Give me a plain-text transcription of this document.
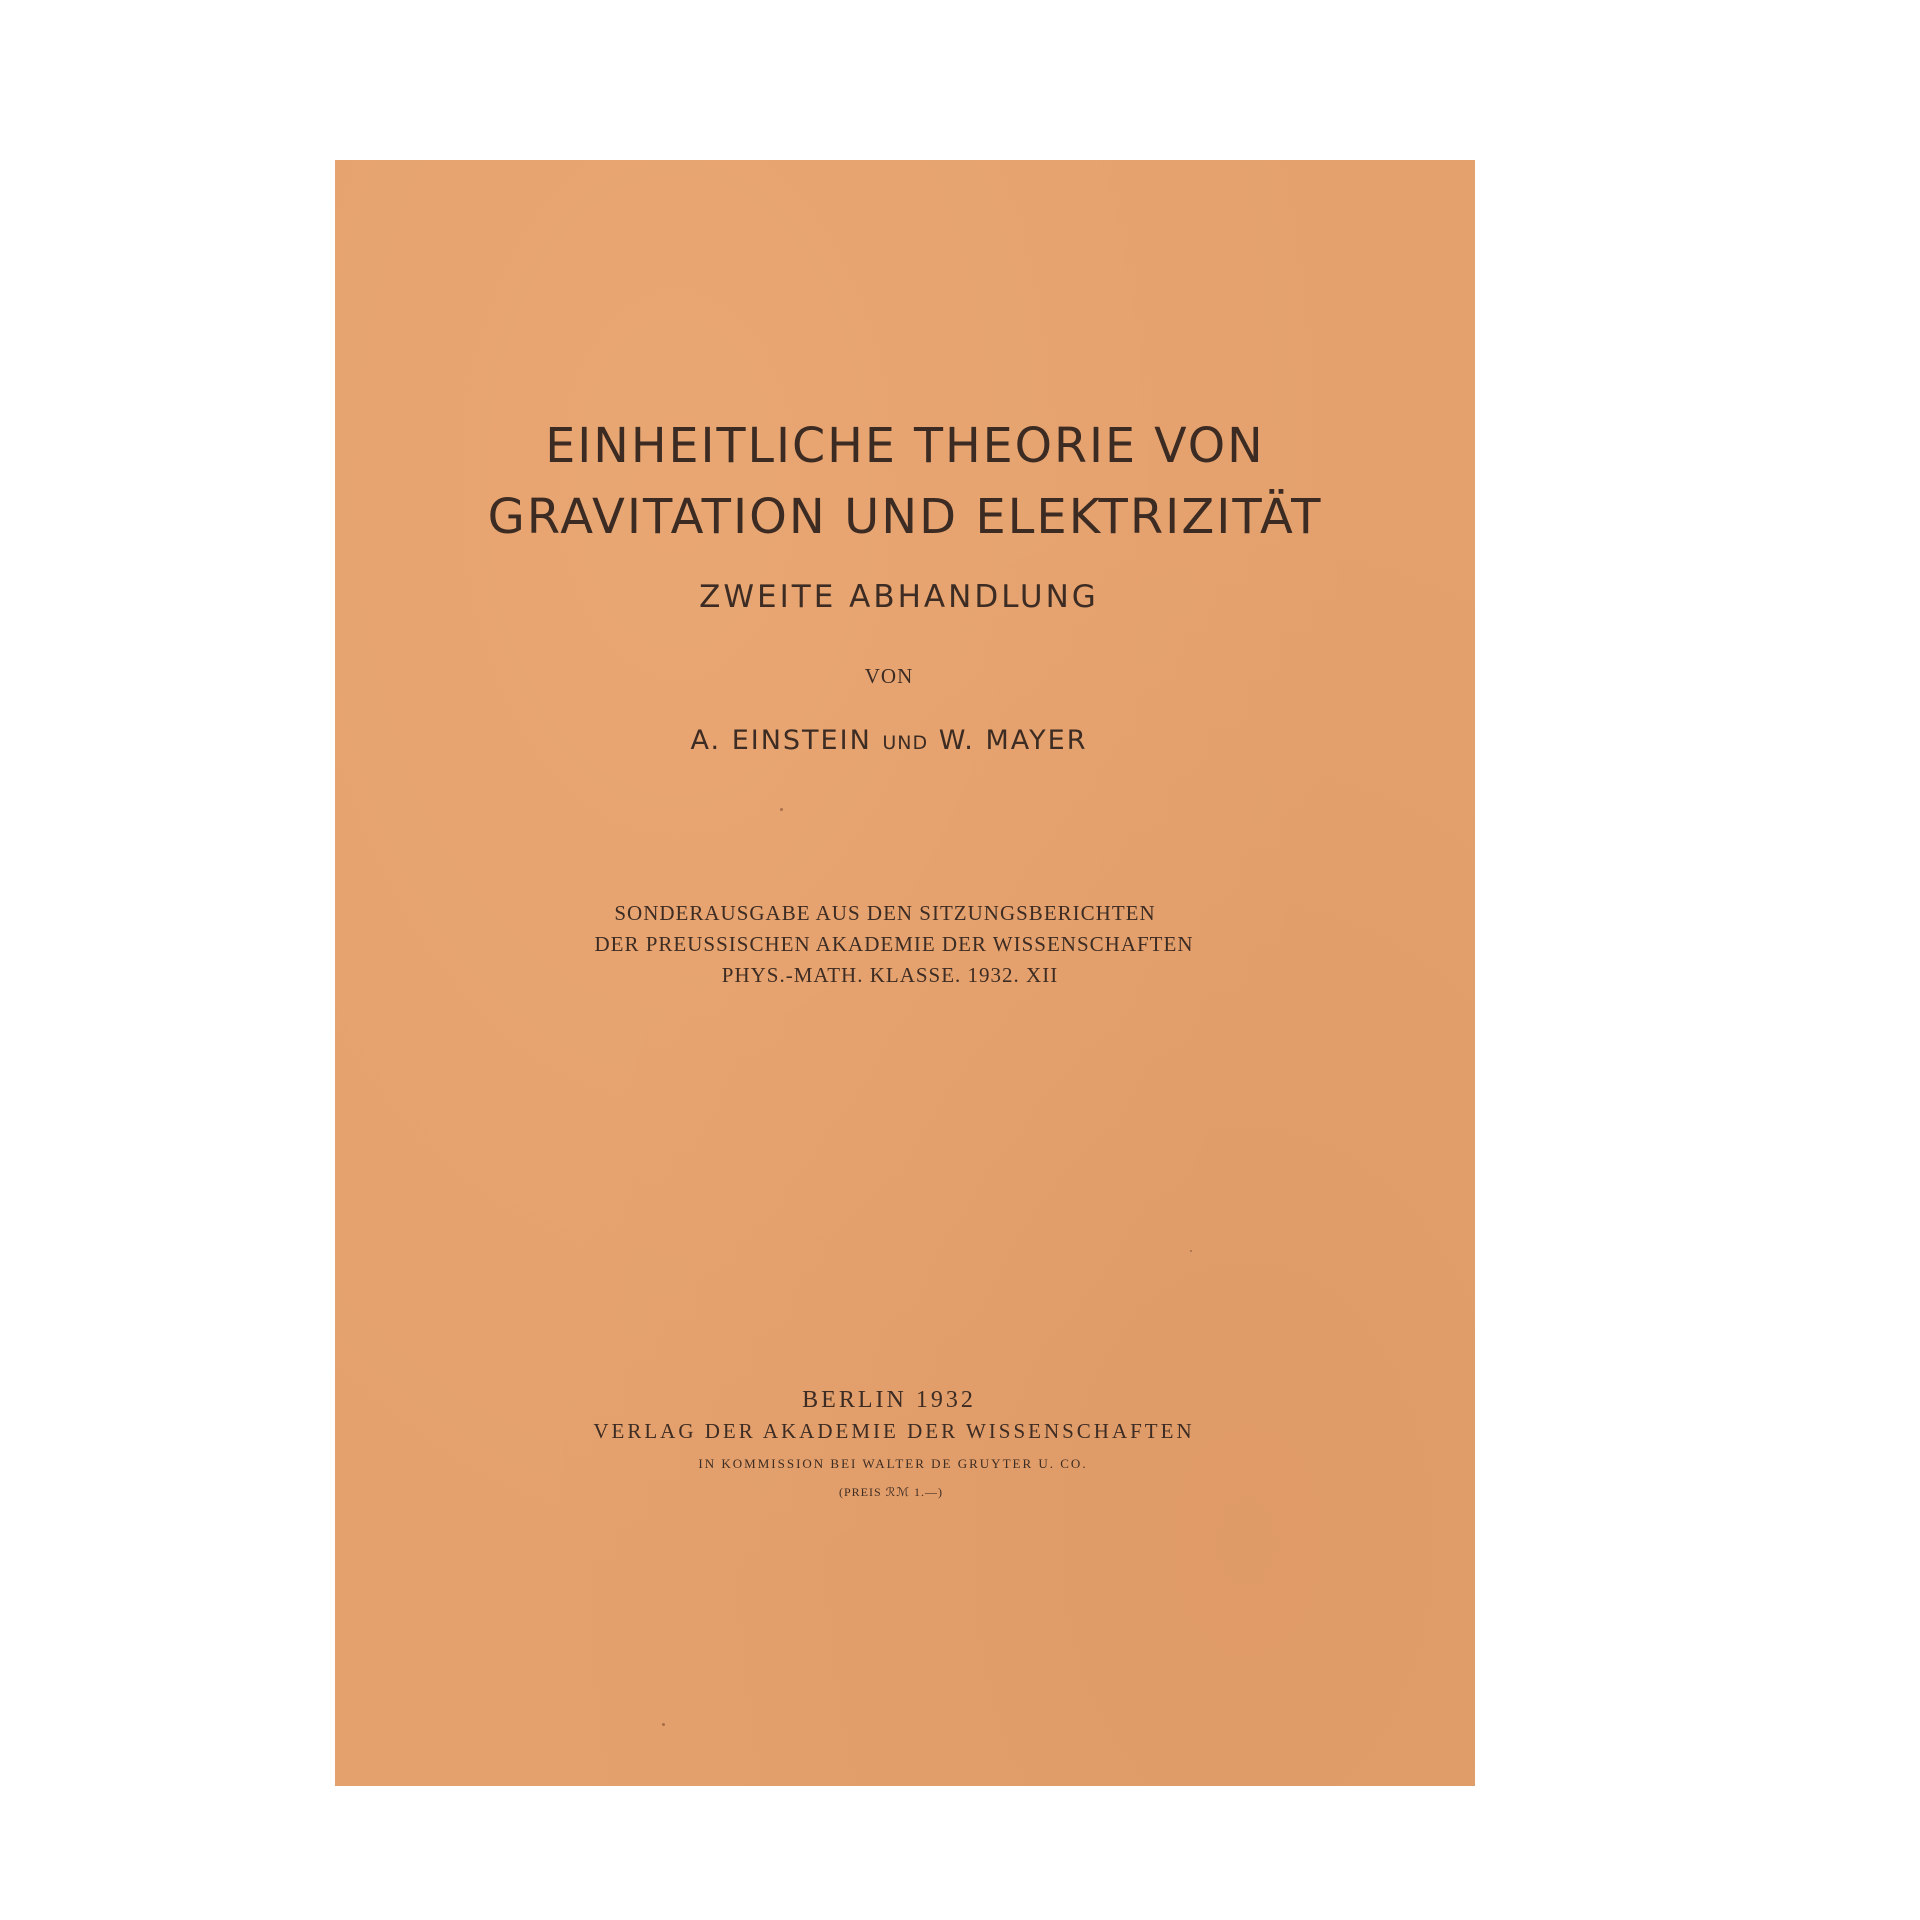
EINHEITLICHE THEORIE VON

GRAVITATION UND ELEKTRIZITÄT

ZWEITE ABHANDLUNG

VON

A. EINSTEIN UND W. MAYER

SONDERAUSGABE AUS DEN SITZUNGSBERICHTEN

DER PREUSSISCHEN AKADEMIE DER WISSENSCHAFTEN

PHYS.-MATH. KLASSE. 1932. XII

BERLIN 1932

VERLAG DER AKADEMIE DER WISSENSCHAFTEN

IN KOMMISSION BEI WALTER DE GRUYTER U. CO.

(PREIS ℛℳ 1.—)
